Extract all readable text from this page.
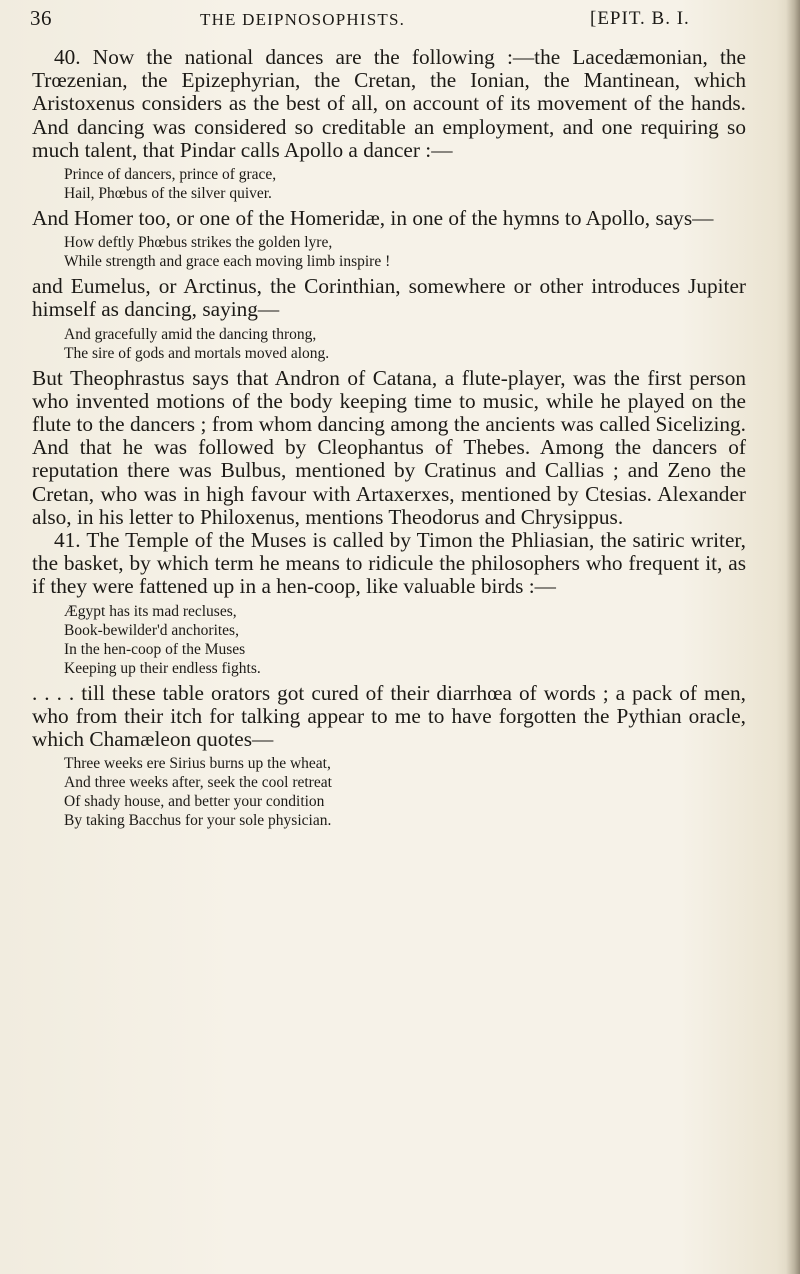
36	THE DEIPNOSOPHISTS.	[EPIT. B. I.

40. Now the national dances are the following :—the Lacedæmonian, the Trœzenian, the Epizephyrian, the Cretan, the Ionian, the Mantinean, which Aristoxenus considers as the best of all, on account of its movement of the hands. And dancing was considered so creditable an employment, and one requiring so much talent, that Pindar calls Apollo a dancer :—

Prince of dancers, prince of grace,
Hail, Phœbus of the silver quiver.

And Homer too, or one of the Homeridæ, in one of the hymns to Apollo, says—

How deftly Phœbus strikes the golden lyre,
While strength and grace each moving limb inspire !

and Eumelus, or Arctinus, the Corinthian, somewhere or other introduces Jupiter himself as dancing, saying—

And gracefully amid the dancing throng,
The sire of gods and mortals moved along.

But Theophrastus says that Andron of Catana, a flute-player, was the first person who invented motions of the body keeping time to music, while he played on the flute to the dancers ; from whom dancing among the ancients was called Sicelizing. And that he was followed by Cleophantus of Thebes. Among the dancers of reputation there was Bulbus, mentioned by Cratinus and Callias ; and Zeno the Cretan, who was in high favour with Artaxerxes, mentioned by Ctesias. Alexander also, in his letter to Philoxenus, mentions Theodorus and Chrysippus.

41. The Temple of the Muses is called by Timon the Phliasian, the satiric writer, the basket, by which term he means to ridicule the philosophers who frequent it, as if they were fattened up in a hen-coop, like valuable birds :—

Ægypt has its mad recluses,
Book-bewilder'd anchorites,
In the hen-coop of the Muses
Keeping up their endless fights.

. . . . till these table orators got cured of their diarrhœa of words ; a pack of men, who from their itch for talking appear to me to have forgotten the Pythian oracle, which Chamæleon quotes—

Three weeks ere Sirius burns up the wheat,
And three weeks after, seek the cool retreat
Of shady house, and better your condition
By taking Bacchus for your sole physician.
